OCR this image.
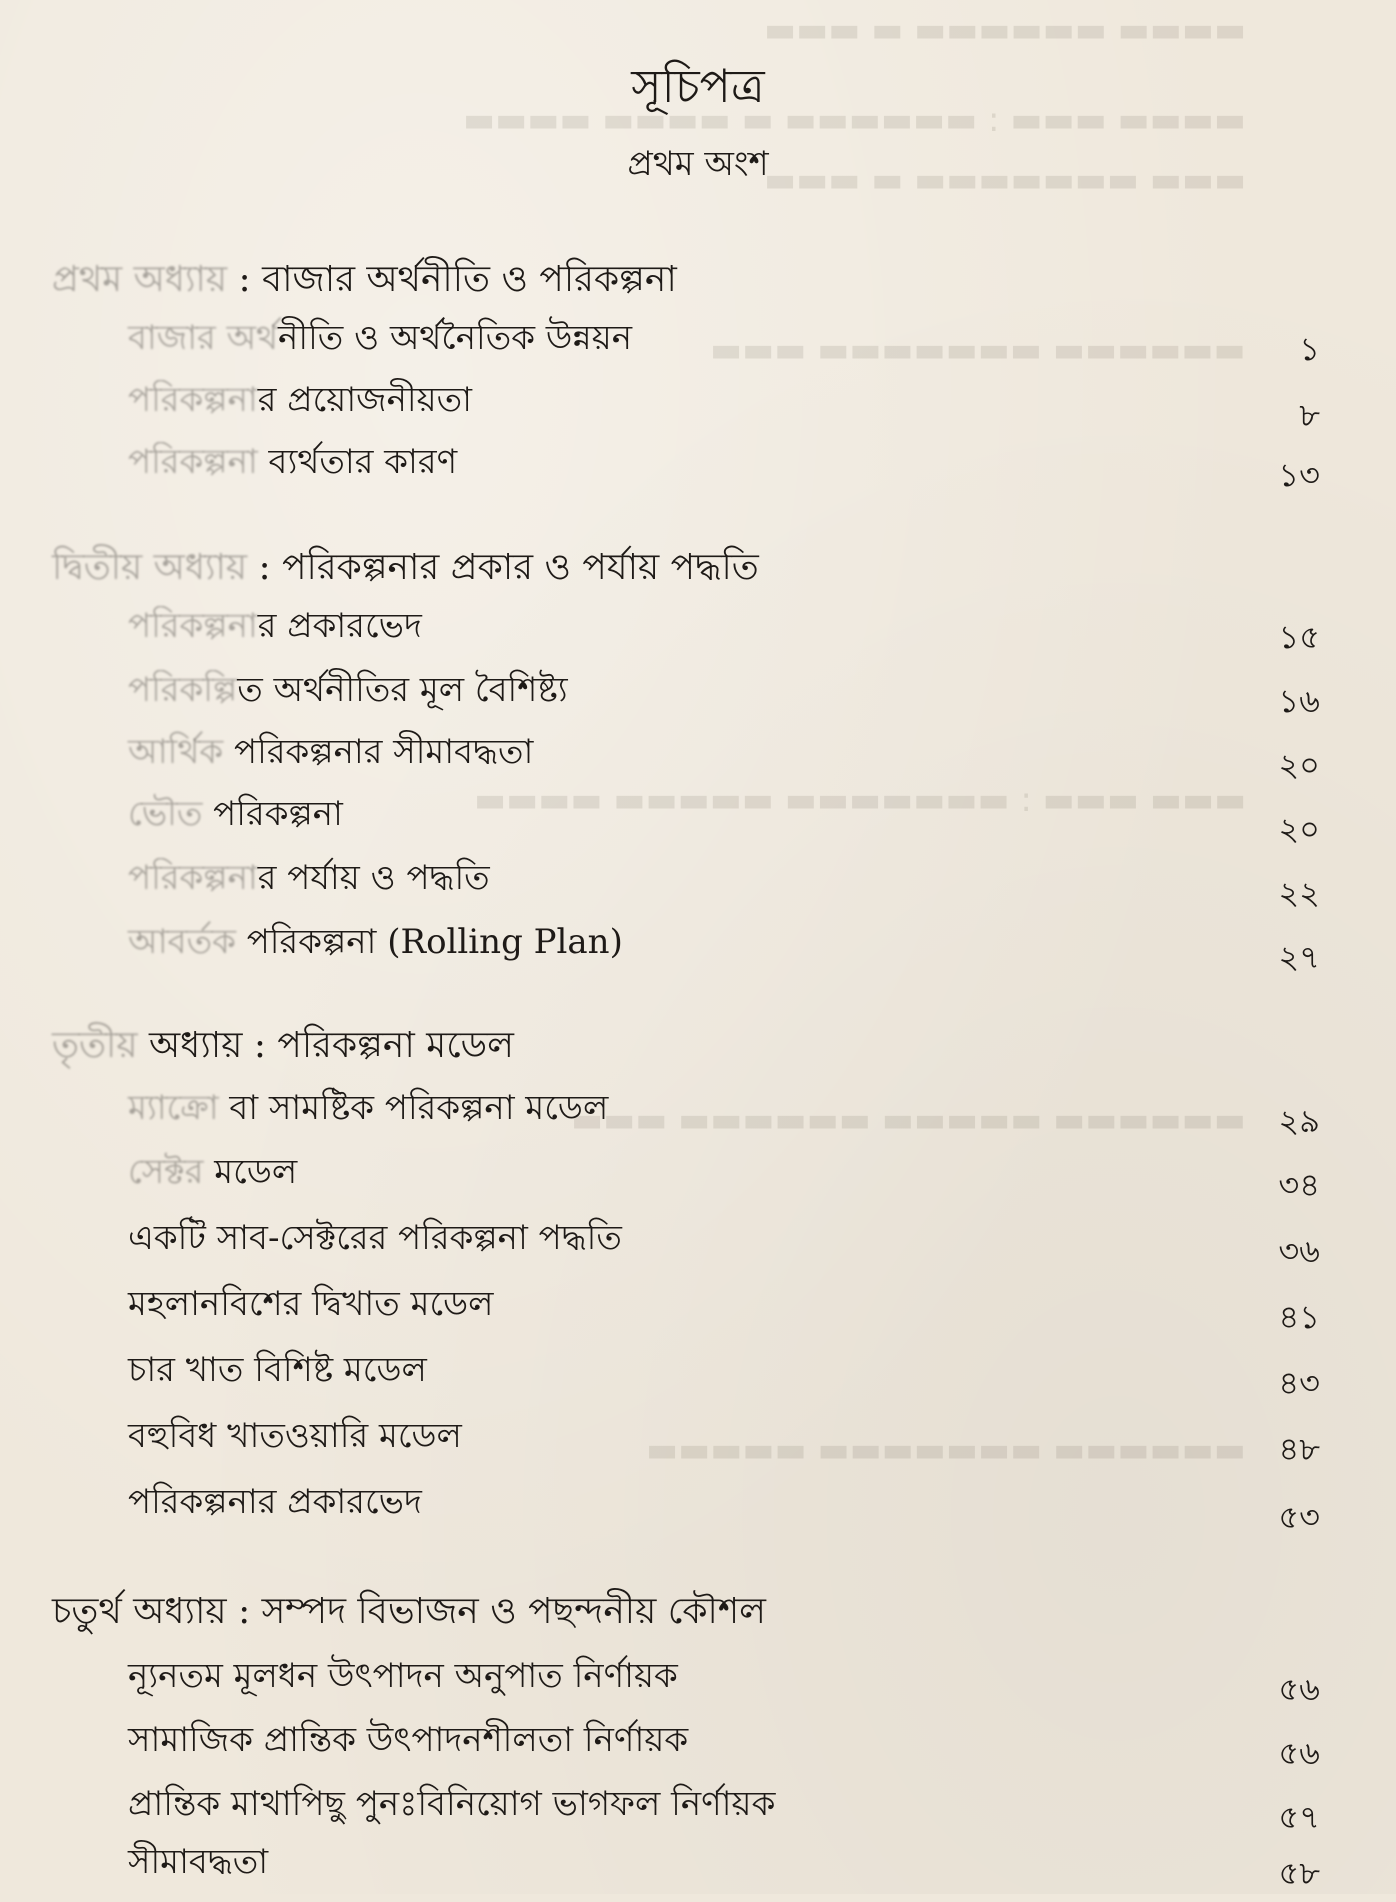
▬▬▬▬ ▬▬▬▬▬▬ ▬ ▬▬▬
▬▬▬▬ ▬▬▬ : ▬▬▬▬▬▬ ▬ ▬▬▬▬ ▬▬▬▬
▬▬▬ ▬▬▬▬▬▬▬ ▬ ▬▬▬
▬▬▬▬▬▬ ▬▬▬▬▬▬▬ ▬▬▬
▬▬▬ ▬▬▬ : ▬▬▬▬▬▬▬ ▬▬▬▬▬ ▬▬▬▬
▬▬▬▬▬▬ ▬▬▬▬▬ ▬▬▬▬▬▬ ▬▬▬
▬▬▬▬▬▬ ▬▬▬▬▬▬▬ ▬▬▬▬▬
সূচিপত্র
প্রথম অংশ
প্রথম অধ্যায় : বাজার অর্থনীতি ও পরিকল্পনা
বাজার অর্থনীতি ও অর্থনৈতিক উন্নয়ন	১
পরিকল্পনার প্রয়োজনীয়তা	৮
পরিকল্পনা ব্যর্থতার কারণ	১৩
দ্বিতীয় অধ্যায় : পরিকল্পনার প্রকার ও পর্যায় পদ্ধতি
পরিকল্পনার প্রকারভেদ	১৫
পরিকল্পিত অর্থনীতির মূল বৈশিষ্ট্য	১৬
আর্থিক পরিকল্পনার সীমাবদ্ধতা	২০
ভৌত পরিকল্পনা	২০
পরিকল্পনার পর্যায় ও পদ্ধতি	২২
আবর্তক পরিকল্পনা (Rolling Plan)	২৭
তৃতীয় অধ্যায় : পরিকল্পনা মডেল
ম্যাক্রো বা সামষ্টিক পরিকল্পনা মডেল	২৯
সেক্টর মডেল	৩৪
একটি সাব-সেক্টরের পরিকল্পনা পদ্ধতি	৩৬
মহলানবিশের দ্বিখাত মডেল	৪১
চার খাত বিশিষ্ট মডেল	৪৩
বহুবিধ খাতওয়ারি মডেল	৪৮
পরিকল্পনার প্রকারভেদ	৫৩
চতুর্থ অধ্যায় : সম্পদ বিভাজন ও পছন্দনীয় কৌশল
ন্যূনতম মূলধন উৎপাদন অনুপাত নির্ণায়ক	৫৬
সামাজিক প্রান্তিক উৎপাদনশীলতা নির্ণায়ক	৫৬
প্রান্তিক মাথাপিছু পুনঃবিনিয়োগ ভাগফল নির্ণায়ক	৫৭
সীমাবদ্ধতা	৫৮
